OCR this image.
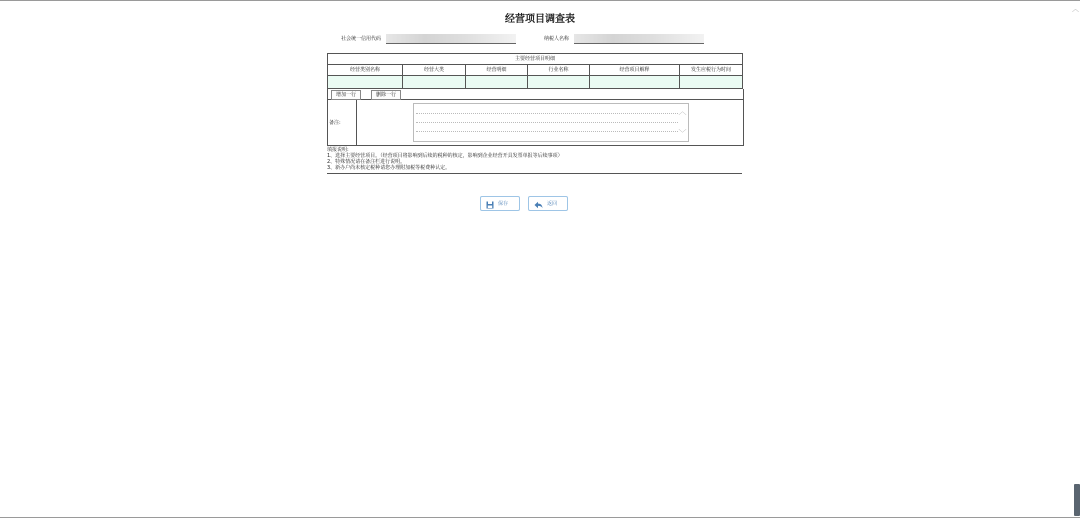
经营项目调查表
社会统一信用代码	纳税人名称
主要经营项目明细					
经营类别名称	经营大类	经营明细	行业名称	经营项目解释	发生应税行为时间

增加一行	删除一行
备注:
︿
﹀
填报说明:
1、选择主要经营项目。（经营项目将影响到后续的税种的核定，影响到企业经营开具发票单报等后续事项）
2、特殊情况请在备注栏进行说明。
3、新办户尚未核定税种请您办理附加税等税费种认定。
保存	返回
︿
